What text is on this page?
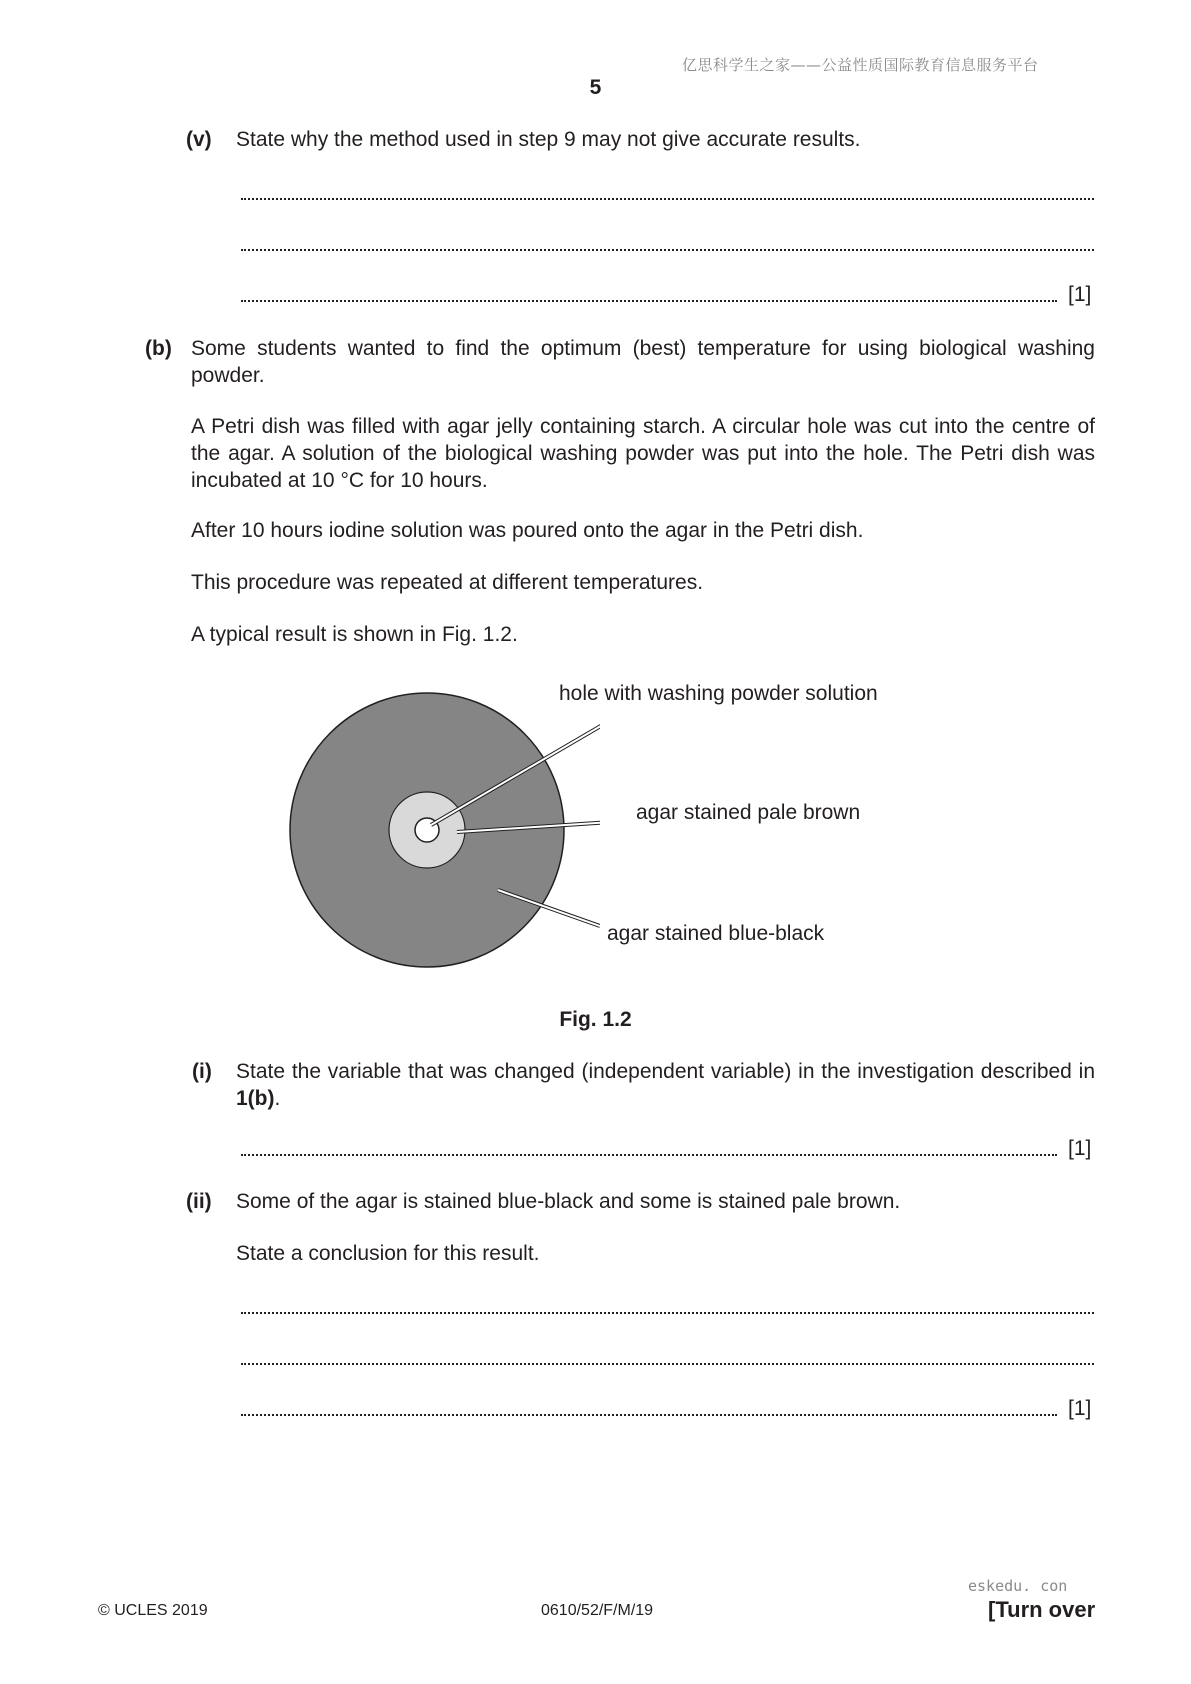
亿思科学生之家——公益性质国际教育信息服务平台
5
(v) State why the method used in step 9 may not give accurate results.
[1]
(b) Some students wanted to find the optimum (best) temperature for using biological washing powder.
A Petri dish was filled with agar jelly containing starch. A circular hole was cut into the centre of the agar. A solution of the biological washing powder was put into the hole. The Petri dish was incubated at 10 °C for 10 hours.
After 10 hours iodine solution was poured onto the agar in the Petri dish.
This procedure was repeated at different temperatures.
A typical result is shown in Fig. 1.2.
hole with washing powder solution
agar stained pale brown
agar stained blue-black
Fig. 1.2
(i) State the variable that was changed (independent variable) in the investigation described in 1(b).
[1]
(ii) Some of the agar is stained blue-black and some is stained pale brown.
State a conclusion for this result.
[1]
eskedu. con
© UCLES 2019	0610/52/F/M/19	[Turn over
